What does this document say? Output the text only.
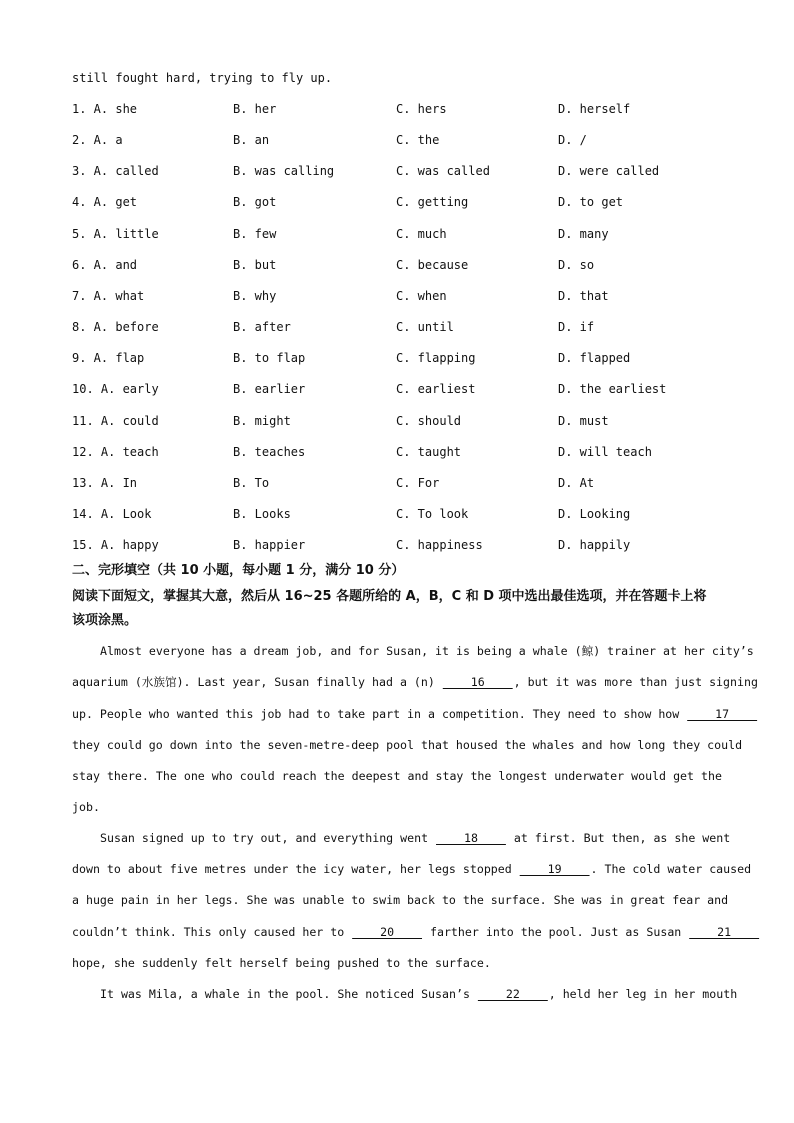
still fought hard, trying to fly up.
1. A. she	B. her	C. hers	D. herself
2. A. a	B. an	C. the	D. /
3. A. called	B. was calling	C. was called	D. were called
4. A. get	B. got	C. getting	D. to get
5. A. little	B. few	C. much	D. many
6. A. and	B. but	C. because	D. so
7. A. what	B. why	C. when	D. that
8. A. before	B. after	C. until	D. if
9. A. flap	B. to flap	C. flapping	D. flapped
10. A. early	B. earlier	C. earliest	D. the earliest
11. A. could	B. might	C. should	D. must
12. A. teach	B. teaches	C. taught	D. will teach
13. A. In	B. To	C. For	D. At
14. A. Look	B. Looks	C. To look	D. Looking
15. A. happy	B. happier	C. happiness	D. happily
二、完形填空（共 10 小题，每小题 1 分，满分 10 分）
阅读下面短文，掌握其大意，然后从 16~25 各题所给的 A，B，C 和 D 项中选出最佳选项，并在答题卡上将
该项涂黑。
Almost everyone has a dream job, and for Susan, it is being a whale (鲸) trainer at her city’s
aquarium (水族馆). Last year, Susan finally had a (n) ____16____, but it was more than just signing
up. People who wanted this job had to take part in a competition. They need to show how ____17____
they could go down into the seven-metre-deep pool that housed the whales and how long they could
stay there. The one who could reach the deepest and stay the longest underwater would get the
job.
Susan signed up to try out, and everything went ____18____ at first. But then, as she went
down to about five metres under the icy water, her legs stopped ____19____. The cold water caused
a huge pain in her legs. She was unable to swim back to the surface. She was in great fear and
couldn’t think. This only caused her to ____20____ farther into the pool. Just as Susan ____21____
hope, she suddenly felt herself being pushed to the surface.
It was Mila, a whale in the pool. She noticed Susan’s ____22____, held her leg in her mouth
